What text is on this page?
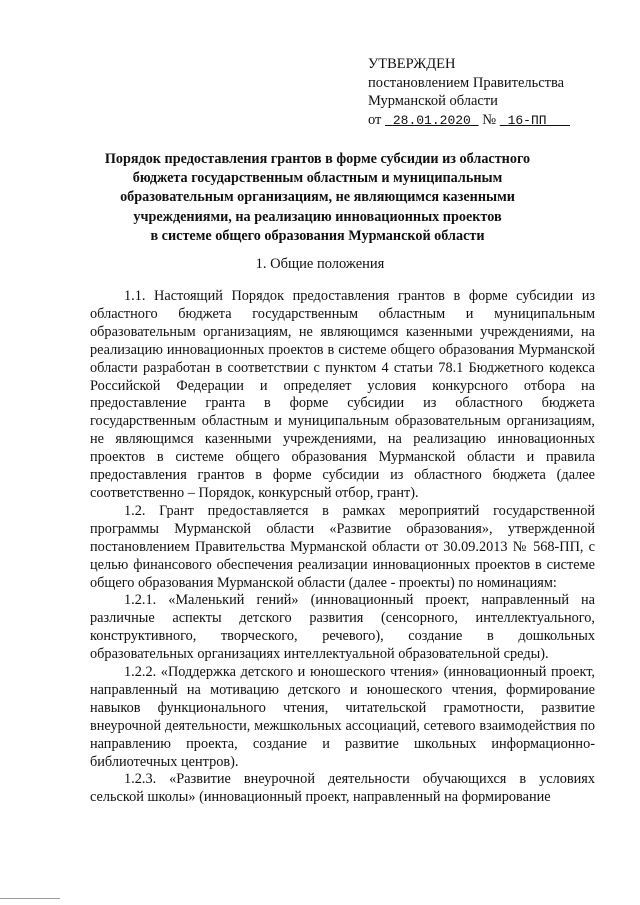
УТВЕРЖДЕН
постановлением Правительства
Мурманской области
от 28.01.2020 № 16-ПП
Порядок предоставления грантов в форме субсидии из областного
бюджета государственным областным и муниципальным
образовательным организациям, не являющимся казенными
учреждениями, на реализацию инновационных проектов
в системе общего образования Мурманской области
1. Общие положения

1.1. Настоящий Порядок предоставления грантов в форме субсидии из областного бюджета государственным областным и муниципальным образовательным организациям, не являющимся казенными учреждениями, на реализацию инновационных проектов в системе общего образования Мурманской области разработан в соответствии с пунктом 4 статьи 78.1 Бюджетного кодекса Российской Федерации и определяет условия конкурсного отбора на предоставление гранта в форме субсидии из областного бюджета государственным областным и муниципальным образовательным организациям, не являющимся казенными учреждениями, на реализацию инновационных проектов в системе общего образования Мурманской области и правила предоставления грантов в форме субсидии из областного бюджета (далее соответственно – Порядок, конкурсный отбор, грант).

1.2. Грант предоставляется в рамках мероприятий государственной программы Мурманской области «Развитие образования», утвержденной постановлением Правительства Мурманской области от 30.09.2013 № 568-ПП, с целью финансового обеспечения реализации инновационных проектов в системе общего образования Мурманской области (далее - проекты) по номинациям:

1.2.1. «Маленький гений» (инновационный проект, направленный на различные аспекты детского развития (сенсорного, интеллектуального, конструктивного, творческого, речевого), создание в дошкольных образовательных организациях интеллектуальной образовательной среды).

1.2.2. «Поддержка детского и юношеского чтения» (инновационный проект, направленный на мотивацию детского и юношеского чтения, формирование навыков функционального чтения, читательской грамотности, развитие внеурочной деятельности, межшкольных ассоциаций, сетевого взаимодействия по направлению проекта, создание и развитие школьных информационно-библиотечных центров).

1.2.3. «Развитие внеурочной деятельности обучающихся в условиях сельской школы» (инновационный проект, направленный на формирование
